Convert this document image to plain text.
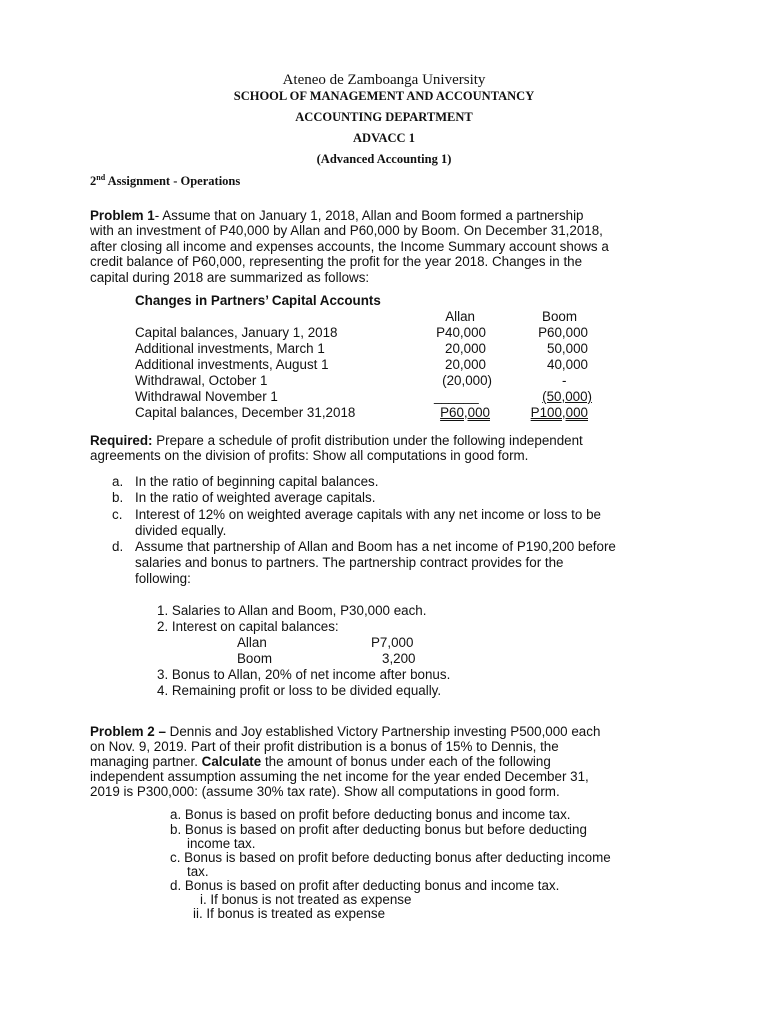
Ateneo de Zamboanga University
SCHOOL OF MANAGEMENT AND ACCOUNTANCY
ACCOUNTING DEPARTMENT
ADVACC 1
(Advanced Accounting 1)
2nd Assignment - Operations
Problem 1- Assume that on January 1, 2018, Allan and Boom formed a partnership
with an investment of P40,000 by Allan and P60,000 by Boom. On December 31,2018,
after closing all income and expenses accounts, the Income Summary account shows a
credit balance of P60,000, representing the profit for the year 2018. Changes in the
capital during 2018 are summarized as follows:
Changes in Partners’ Capital Accounts
Allan	Boom
Capital balances, January 1, 2018	P40,000	P60,000
Additional investments, March 1	20,000	50,000
Additional investments, August 1	20,000	40,000
Withdrawal, October 1	(20,000)	-
Withdrawal November 1	______	(50,000)
Capital balances, December 31,2018	P60,000	P100,000
Required: Prepare a schedule of profit distribution under the following independent
agreements on the division of profits: Show all computations in good form.
a. In the ratio of beginning capital balances.
b. In the ratio of weighted average capitals.
c. Interest of 12% on weighted average capitals with any net income or loss to be
divided equally.
d. Assume that partnership of Allan and Boom has a net income of P190,200 before
salaries and bonus to partners. The partnership contract provides for the
following:
1. Salaries to Allan and Boom, P30,000 each.
2. Interest on capital balances:
Allan	P7,000
Boom	3,200
3. Bonus to Allan, 20% of net income after bonus.
4. Remaining profit or loss to be divided equally.
Problem 2 – Dennis and Joy established Victory Partnership investing P500,000 each
on Nov. 9, 2019. Part of their profit distribution is a bonus of 15% to Dennis, the
managing partner. Calculate the amount of bonus under each of the following
independent assumption assuming the net income for the year ended December 31,
2019 is P300,000: (assume 30% tax rate). Show all computations in good form.
a. Bonus is based on profit before deducting bonus and income tax.
b. Bonus is based on profit after deducting bonus but before deducting
income tax.
c. Bonus is based on profit before deducting bonus after deducting income
tax.
d. Bonus is based on profit after deducting bonus and income tax.
i. If bonus is not treated as expense
ii. If bonus is treated as expense
